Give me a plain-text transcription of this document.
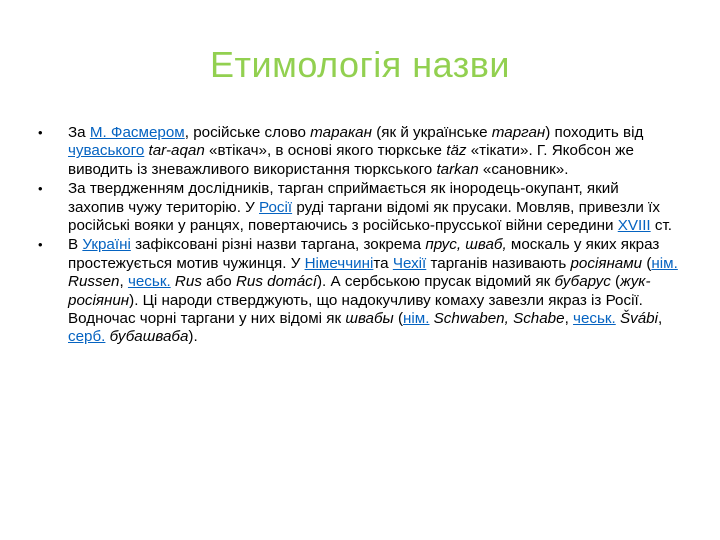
Етимологія назви
• За М. Фасмером, російське слово таракан (як й українське тарган) походить від чуваського tar-aqan «втікач», в основі якого тюркське täz «тікати». Г. Якобсон же виводить із зневажливого використання тюркського tarkan «сановник».
• За твердженням дослідників, тарган сприймається як інородець-окупант, який захопив чужу територію. У Росії руді таргани відомі як прусаки. Мовляв, привезли їх російські вояки у ранцях, повертаючись з російсько-прусської війни середини XVIII ст.
• В Україні зафіксовані різні назви таргана, зокрема прус, шваб, москаль у яких якраз простежується мотив чужинця. У Німеччиніта Чехії тарганів називають росіянами (нім. Russen, чеськ. Rus або Rus domácí). А сербською прусак відомий як бубарус (жук-росіянин). Ці народи стверджують, що надокучливу комаху завезли якраз із Росії. Водночас чорні таргани у них відомі як швабы (нім. Schwaben, Schabe, чеськ. Švábi, серб. бубашваба).
